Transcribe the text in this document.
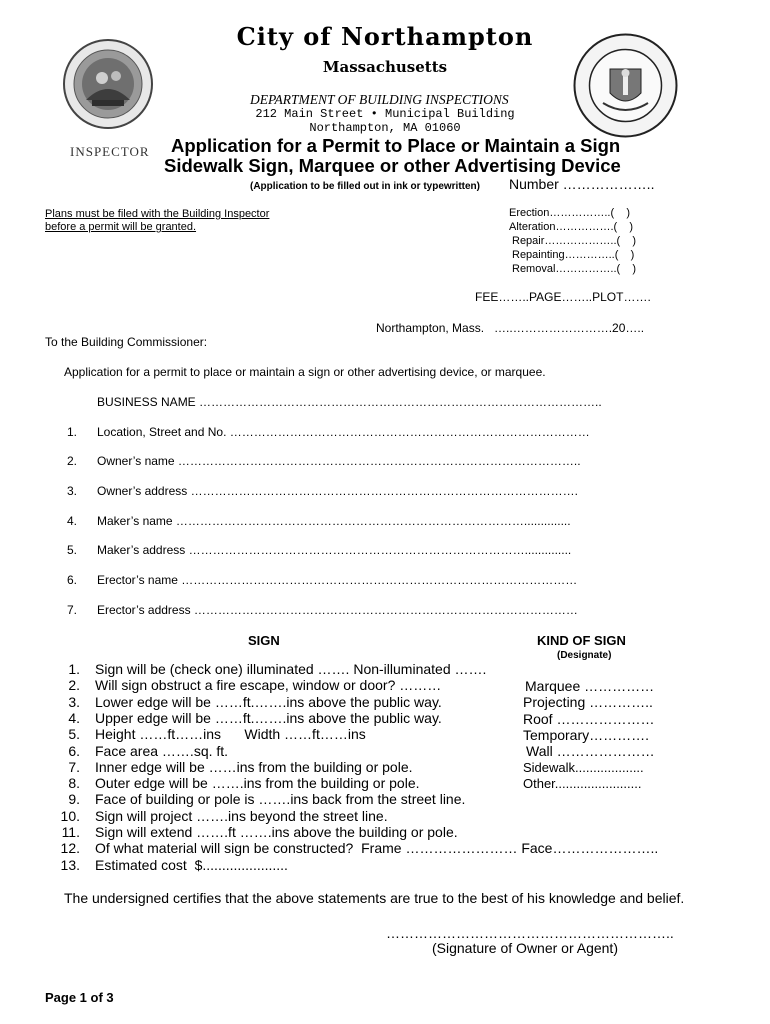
City of Northampton
Massachusetts
DEPARTMENT OF BUILDING INSPECTIONS
212 Main Street • Municipal Building
Northampton, MA 01060
INSPECTOR Application for a Permit to Place or Maintain a Sign
Sidewalk Sign, Marquee or other Advertising Device
(Application to be filled out in ink or typewritten) Number ………………..
Plans must be filed with the Building Inspector
before a permit will be granted.
Erection……………..(    )
Alteration…………….(    )
Repair………………..(    )
Repainting…………..(    )
Removal……………..(    )
FEE……..PAGE……..PLOT…….
Northampton, Mass.   …..…………………….20…..
To the Building Commissioner:
Application for a permit to place or maintain a sign or other advertising device, or marquee.
BUSINESS NAME ………………………………………………………………………………………..
1. Location, Street and No. ………………………………………………………………………………
2. Owner’s name ………………………………………………………………………………………..
3. Owner’s address …………………………………………………………………………………….
4. Maker’s name ……………………………………………………………………………..............
5. Maker’s address …………………………………………………………………………..............
6. Erector’s name ………………………………………………………………………………………
7. Erector’s address ……………………………………………………………………………………
SIGN	KIND OF SIGN
(Designate)
1. Sign will be (check one) illuminated ……. Non-illuminated …….
2. Will sign obstruct a fire escape, window or door? ………
3. Lower edge will be ……ft.…….ins above the public way.
4. Upper edge will be ……ft.…….ins above the public way.
5. Height ……ft……ins      Width ……ft……ins
6. Face area …….sq. ft.
7. Inner edge will be ……ins from the building or pole.
8. Outer edge will be …….ins from the building or pole.
9. Face of building or pole is …….ins back from the street line.
10. Sign will project …….ins beyond the street line.
11. Sign will extend …….ft …….ins above the building or pole.
12. Of what material will sign be constructed?  Frame …………………… Face…………………..
13. Estimated cost  $......................
Marquee ……………
Projecting …………..
Roof …………………
Temporary………….
Wall …………………
Sidewalk...................
Other........................
The undersigned certifies that the above statements are true to the best of his knowledge and belief.
……………………………………………………..
(Signature of Owner or Agent)
Page 1 of 3
